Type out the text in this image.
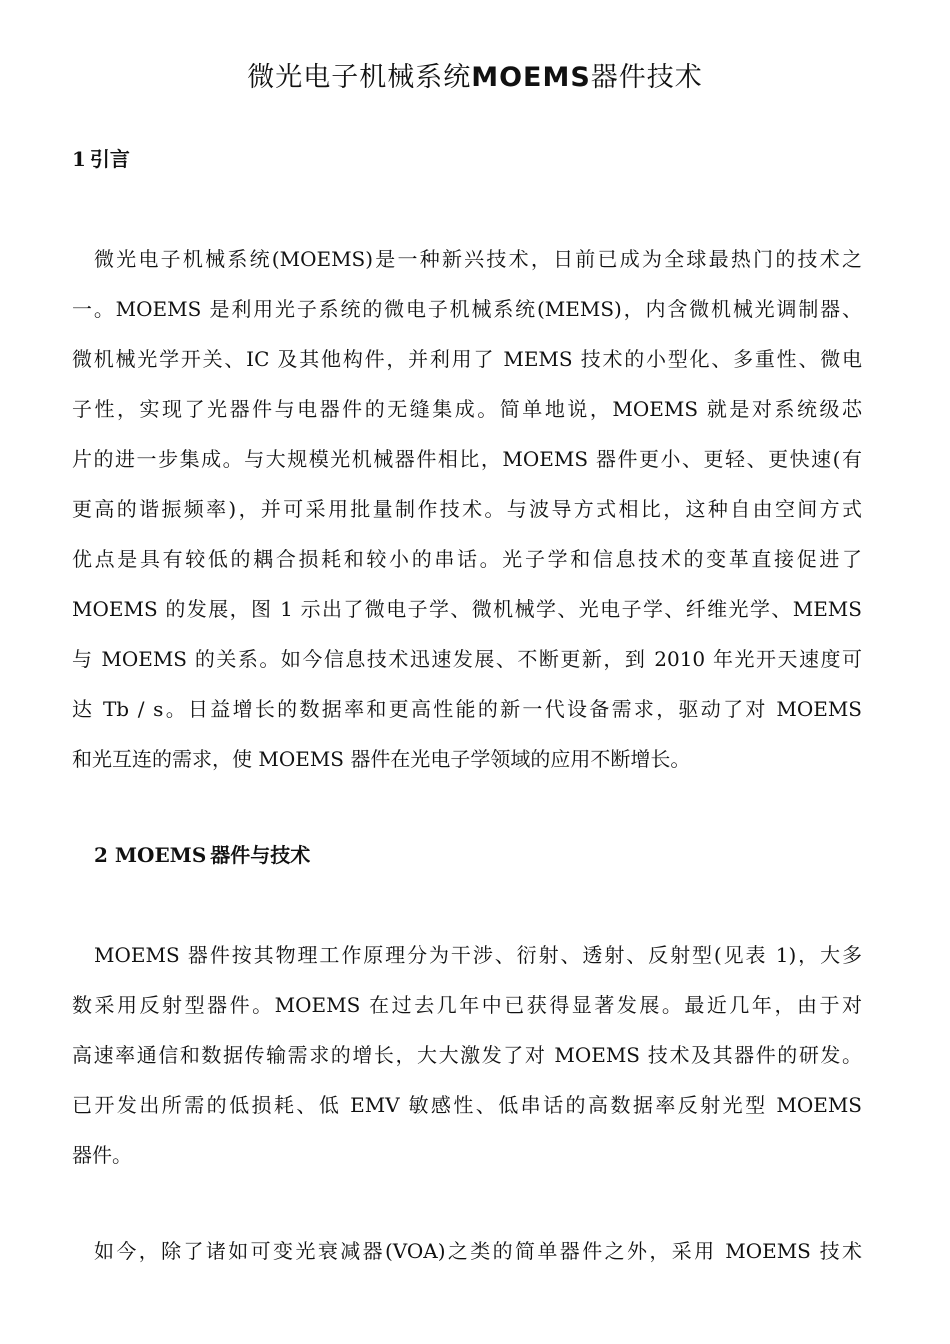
微光电子机械系统MOEMS器件技术
1 引言
微光电子机械系统(MOEMS)是一种新兴技术，日前已成为全球最热门的技术之
一。MOEMS 是利用光子系统的微电子机械系统(MEMS)，内含微机械光调制器、
微机械光学开关、IC 及其他构件，并利用了 MEMS 技术的小型化、多重性、微电
子性，实现了光器件与电器件的无缝集成。简单地说，MOEMS 就是对系统级芯
片的进一步集成。与大规模光机械器件相比，MOEMS 器件更小、更轻、更快速(有
更高的谐振频率)，并可采用批量制作技术。与波导方式相比，这种自由空间方式
优点是具有较低的耦合损耗和较小的串话。光子学和信息技术的变革直接促进了
MOEMS 的发展，图 1 示出了微电子学、微机械学、光电子学、纤维光学、MEMS
与 MOEMS 的关系。如今信息技术迅速发展、不断更新，到 2010 年光开天速度可
达 Tb / s。日益增长的数据率和更高性能的新一代设备需求，驱动了对 MOEMS
和光互连的需求，使 MOEMS 器件在光电子学领域的应用不断增长。
2 MOEMS 器件与技术
MOEMS 器件按其物理工作原理分为干涉、衍射、透射、反射型(见表 1)，大多
数采用反射型器件。MOEMS 在过去几年中已获得显著发展。最近几年，由于对
高速率通信和数据传输需求的增长，大大激发了对 MOEMS 技术及其器件的研发。
已开发出所需的低损耗、低 EMV 敏感性、低串话的高数据率反射光型 MOEMS
器件。
如今，除了诸如可变光衰减器(VOA)之类的简单器件之外，采用 MOEMS 技术
